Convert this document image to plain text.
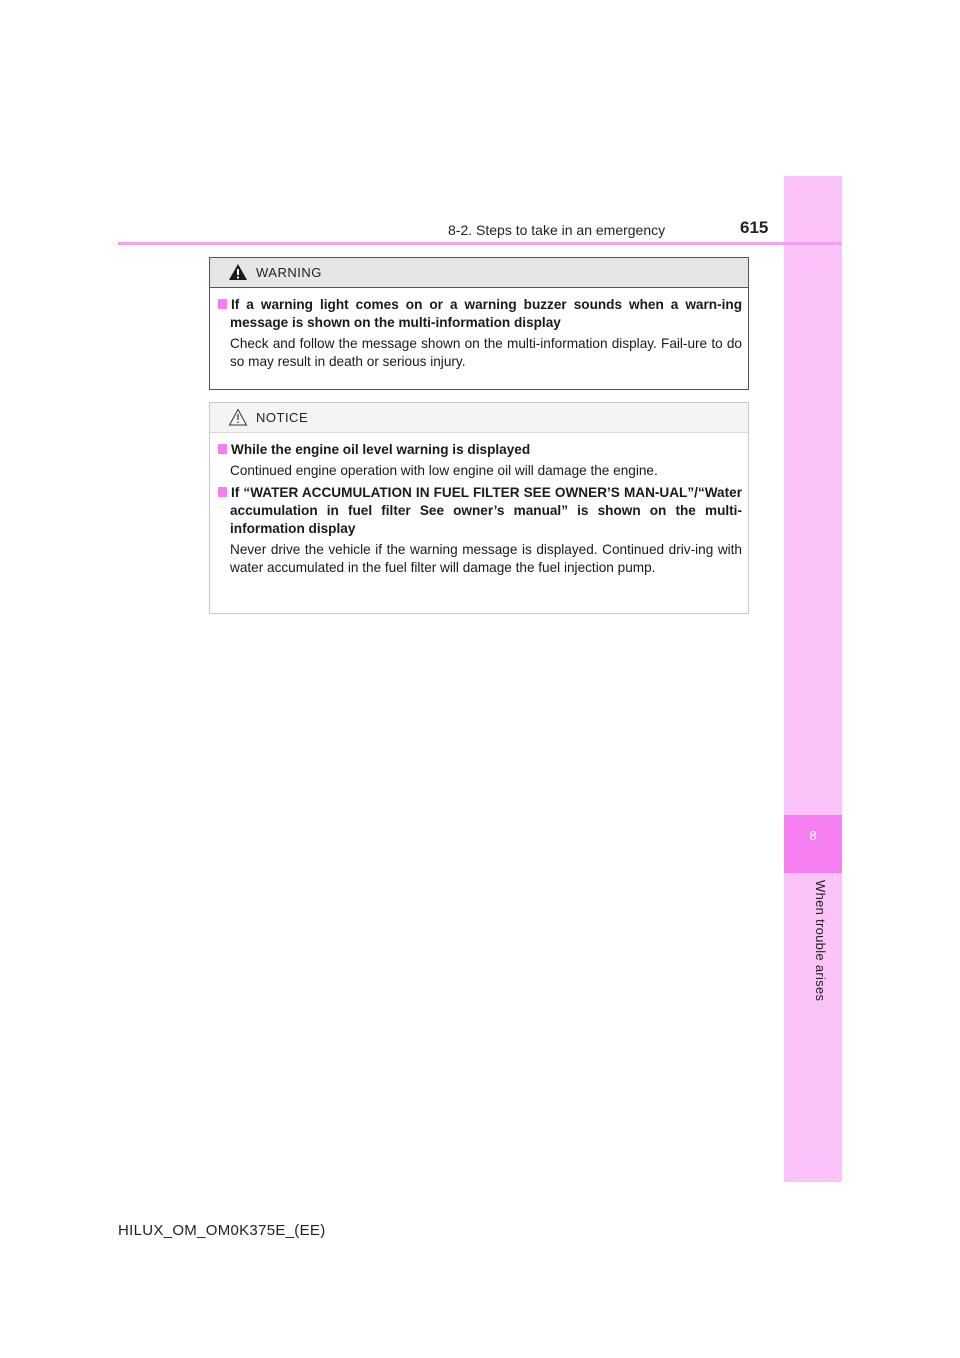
8
When trouble arises
8-2. Steps to take in an emergency	615
WARNING
If a warning light comes on or a warning buzzer sounds when a warn-ing message is shown on the multi-information display
Check and follow the message shown on the multi-information display. Fail-ure to do so may result in death or serious injury.
NOTICE
While the engine oil level warning is displayed
Continued engine operation with low engine oil will damage the engine.
If “WATER ACCUMULATION IN FUEL FILTER SEE OWNER’S MAN-UAL”/“Water accumulation in fuel filter See owner’s manual” is shown on the multi-information display
Never drive the vehicle if the warning message is displayed. Continued driv-ing with water accumulated in the fuel filter will damage the fuel injection pump.
HILUX_OM_OM0K375E_(EE)
